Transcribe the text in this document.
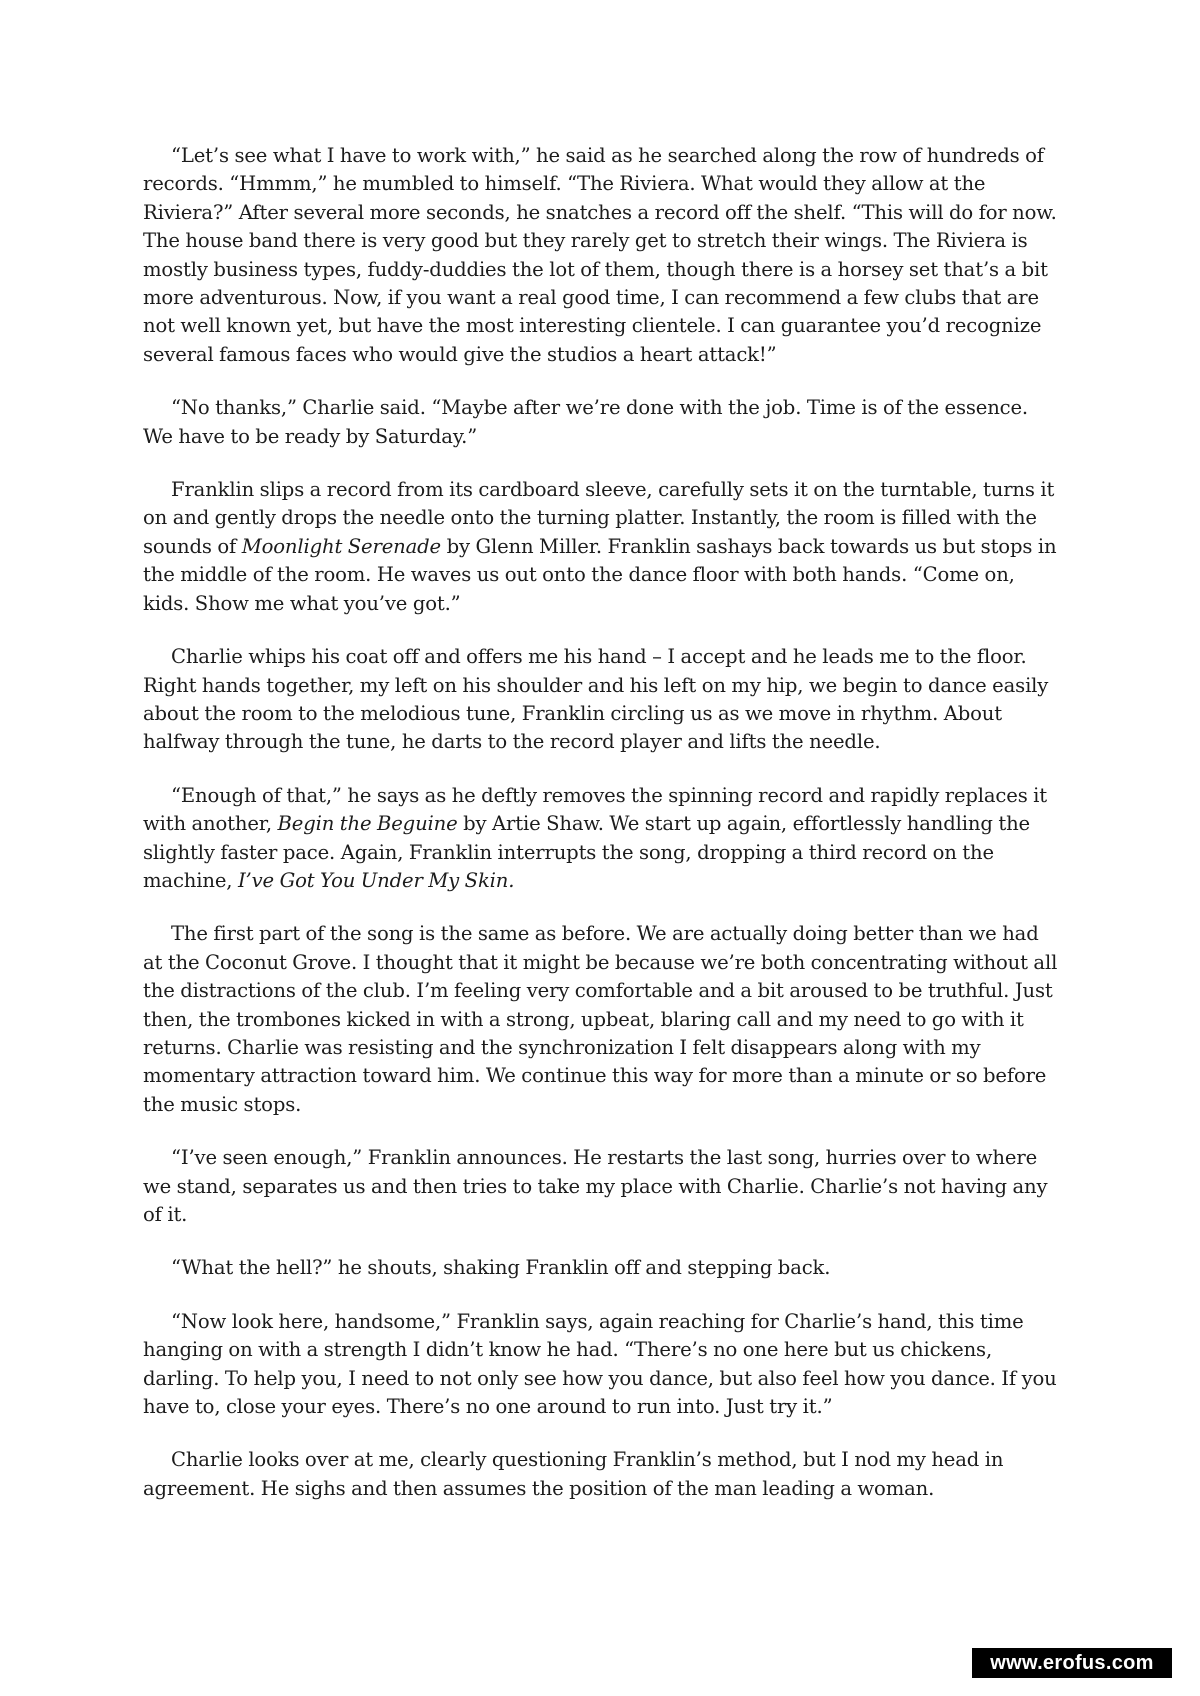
“Let’s see what I have to work with,” he said as he searched along the row of hundreds of records. “Hmmm,” he mumbled to himself. “The Riviera. What would they allow at the Riviera?” After several more seconds, he snatches a record off the shelf. “This will do for now. The house band there is very good but they rarely get to stretch their wings. The Riviera is mostly business types, fuddy-duddies the lot of them, though there is a horsey set that’s a bit more adventurous. Now, if you want a real good time, I can recommend a few clubs that are not well known yet, but have the most interesting clientele. I can guarantee you’d recognize several famous faces who would give the studios a heart attack!”

“No thanks,” Charlie said. “Maybe after we’re done with the job. Time is of the essence. We have to be ready by Saturday.”

Franklin slips a record from its cardboard sleeve, carefully sets it on the turntable, turns it on and gently drops the needle onto the turning platter. Instantly, the room is filled with the sounds of Moonlight Serenade by Glenn Miller. Franklin sashays back towards us but stops in the middle of the room. He waves us out onto the dance floor with both hands. “Come on, kids. Show me what you’ve got.”

Charlie whips his coat off and offers me his hand – I accept and he leads me to the floor. Right hands together, my left on his shoulder and his left on my hip, we begin to dance easily about the room to the melodious tune, Franklin circling us as we move in rhythm. About halfway through the tune, he darts to the record player and lifts the needle.

“Enough of that,” he says as he deftly removes the spinning record and rapidly replaces it with another, Begin the Beguine by Artie Shaw. We start up again, effortlessly handling the slightly faster pace. Again, Franklin interrupts the song, dropping a third record on the machine, I’ve Got You Under My Skin.

The first part of the song is the same as before. We are actually doing better than we had at the Coconut Grove. I thought that it might be because we’re both concentrating without all the distractions of the club. I’m feeling very comfortable and a bit aroused to be truthful. Just then, the trombones kicked in with a strong, upbeat, blaring call and my need to go with it returns. Charlie was resisting and the synchronization I felt disappears along with my momentary attraction toward him. We continue this way for more than a minute or so before the music stops.

“I’ve seen enough,” Franklin announces. He restarts the last song, hurries over to where we stand, separates us and then tries to take my place with Charlie. Charlie’s not having any of it.

“What the hell?” he shouts, shaking Franklin off and stepping back.

“Now look here, handsome,” Franklin says, again reaching for Charlie’s hand, this time hanging on with a strength I didn’t know he had. “There’s no one here but us chickens, darling. To help you, I need to not only see how you dance, but also feel how you dance. If you have to, close your eyes. There’s no one around to run into. Just try it.”

Charlie looks over at me, clearly questioning Franklin’s method, but I nod my head in agreement. He sighs and then assumes the position of the man leading a woman.

www.erofus.com
